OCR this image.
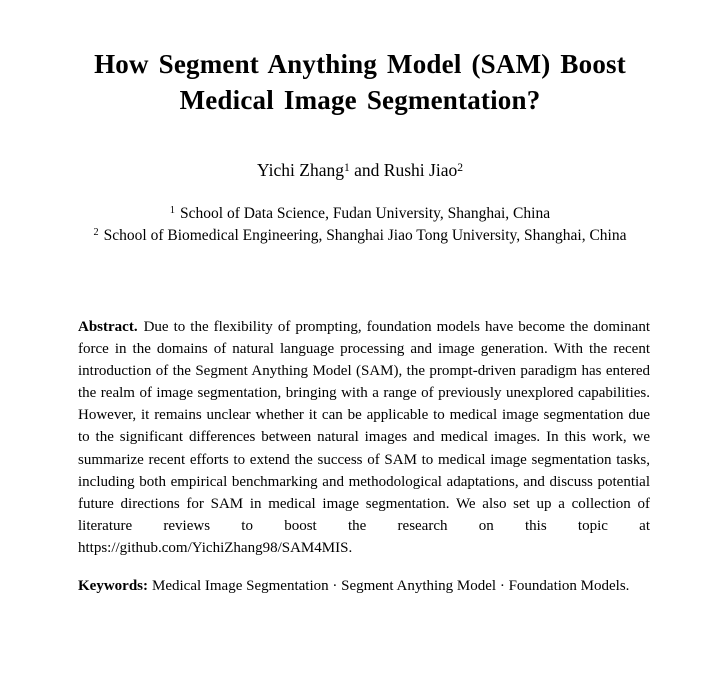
How Segment Anything Model (SAM) Boost
Medical Image Segmentation?
Yichi Zhang$^1$ and Rushi Jiao$^2$
$^1$ School of Data Science, Fudan University, Shanghai, China
$^2$ School of Biomedical Engineering, Shanghai Jiao Tong University, Shanghai, China

Abstract. Due to the flexibility of prompting, foundation models have become the dominant force in the domains of natural language processing and image generation. With the recent introduction of the Segment Anything Model (SAM), the prompt-driven paradigm has entered the realm of image segmentation, bringing with a range of previously unexplored capabilities. However, it remains unclear whether it can be applicable to medical image segmentation due to the significant differences between natural images and medical images. In this work, we summarize recent efforts to extend the success of SAM to medical image segmentation tasks, including both empirical benchmarking and methodological adaptations, and discuss potential future directions for SAM in medical image segmentation. We also set up a collection of literature reviews to boost the research on this topic at https://github.com/YichiZhang98/SAM4MIS.

Keywords: Medical Image Segmentation · Segment Anything Model · Foundation Models.
